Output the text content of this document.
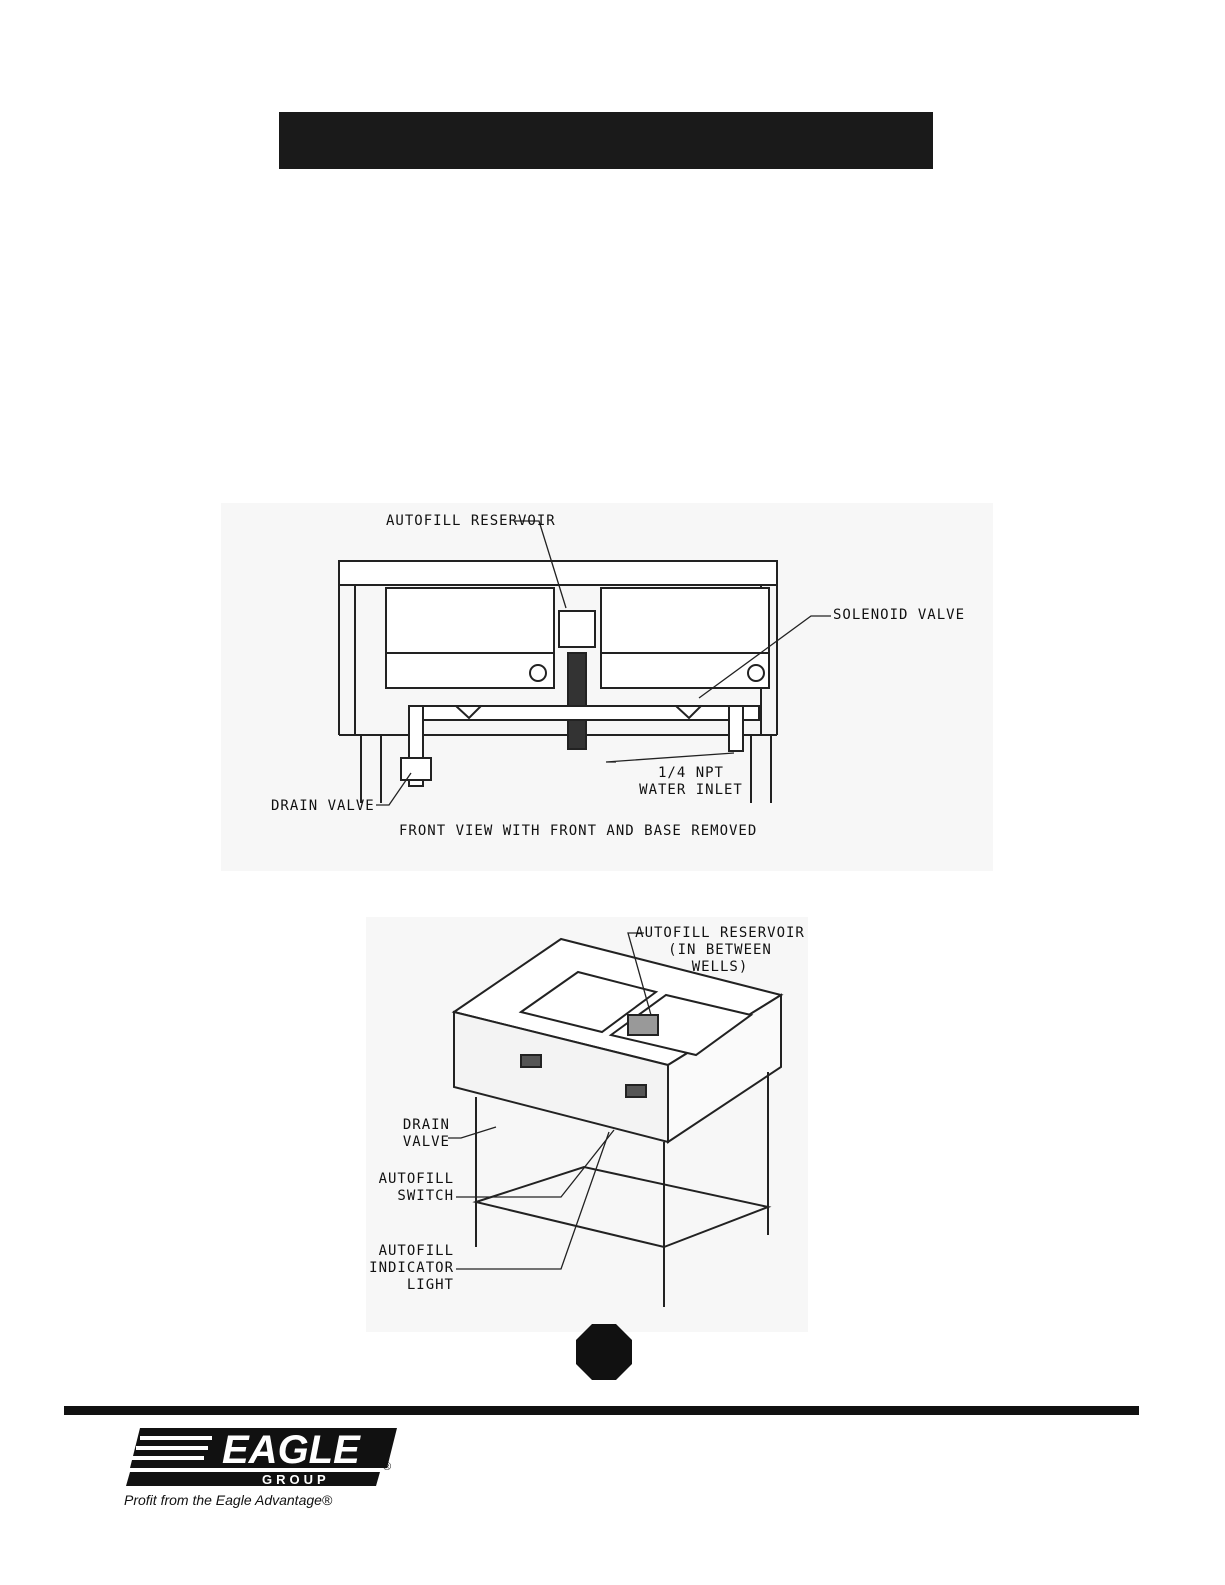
AUTOFILL RESERVOIR
SOLENOID VALVE
1/4 NPT
WATER INLET
DRAIN VALVE
FRONT VIEW WITH FRONT AND BASE REMOVED
AUTOFILL RESERVOIR
(IN BETWEEN
WELLS)
DRAIN
VALVE
AUTOFILL
SWITCH
AUTOFILL
INDICATOR
LIGHT
EAGLE
GROUP
®
Profit from the Eagle Advantage®
